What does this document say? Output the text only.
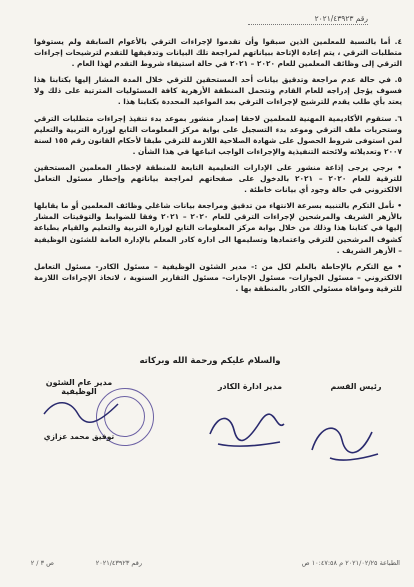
رقم ٢٠٢١/٤٣٩٢٣

٤. أما بالنسبة للمعلمين الذين سبقوا وأن تقدموا لإجراءات الترقي بالأعوام السابقة ولم يستوفوا متطلبات الترقي ، يتم إعادة الإتاحة ببياناتهم لمراجعة تلك البيانات وتدقيقها للتقدم لترشيحات إجراءات الترقي إلى وظائف المعلمين للعام ٢٠٢٠ – ٢٠٢١ في حالة استيفاء شروط التقدم لهذا العام .

٥. في حالة عدم مراجعة وتدقيق بيانات أحد المستحقين للترقي خلال المدة المشار إليها بكتابنا هذا فسوف يؤجل إدراجه للعام القادم وتتحمل المنطقة الأزهرية كافة المسئوليات المترتبة على ذلك ولا يعتد بأي طلب يقدم للترشيح لإجراءات الترقي بعد المواعيد المحددة بكتابنا هذا .

٦. ستقوم الأكاديمية المهنية للمعلمين لاحقا إصدار منشور بموعد بدء تنفيذ إجراءات متطلبات الترقي وستحريات ملف الترقي وموعد بدء التسجيل على بوابة مركز المعلومات التابع لوزارة التربية والتعليم لمن استوفى شروط الحصول على شهادة الصلاحية اللازمة للترقي طبقا لأحكام القانون رقم ١٥٥ لسنة ٢٠٠٧ وتعديلاته ولائحته التنفيذية والإجراءات الواجب اتباعها في هذا الشأن .

• برجي يرجى إذاعة منشور على الإدارات التعليمية التابعة للمنطقة لإخطار المعلمين المستحقين للترقية للعام ٢٠٢٠ – ٢٠٢١ بالدخول على صفحاتهم لمراجعة بياناتهم وإخطار مسئول التعامل الالكتروني في حالة وجود أي بيانات خاطئة .

• نأمل التكرم بالتنبيه بسرعة الانتهاء من تدقيق ومراجعة بيانات شاغلي وظائف المعلمين أو ما يقابلها بالأزهر الشريف والمرشحين لإجراءات الترقي للعام ٢٠٢٠ – ٢٠٢١ وفقا للضوابط والتوقيتات المشار إليها في كتابنا هذا وذلك من خلال بوابة مركز المعلومات التابع لوزارة التربية والتعليم والقيام بطباعة كشوف المرشحين للترقي واعتمادها وتسليمها الى ادارة كادر المعلم بالإدارة العامة للشئون الوظيفية – الأزهر الشريف .

• مع التكرم بالإحاطة بالعلم لكل من :- مدير الشئون الوظيفية – مسئول الكادر- مسئول التعامل الالكتروني – مسئول الجوازات- مسئول الإجازات- مسئول التقارير السنوية ، لاتخاذ الإجراءات اللازمة للترقية وموافاة مسئولي الكادر بالمنطقة بها .

والسلام عليكم ورحمة الله وبركاته
مدير عام الشئون الوظيفية
مدير ادارة الكادر	رئيس القسم
توفيق محمد عزازي
ص ٣ / ٢	رقم ٢٠٢١/٤٣٩٢٣	الطباعة ٢٠٢١/٠٢/٢٥ م ١٠:٤٧:٥٨ ص
